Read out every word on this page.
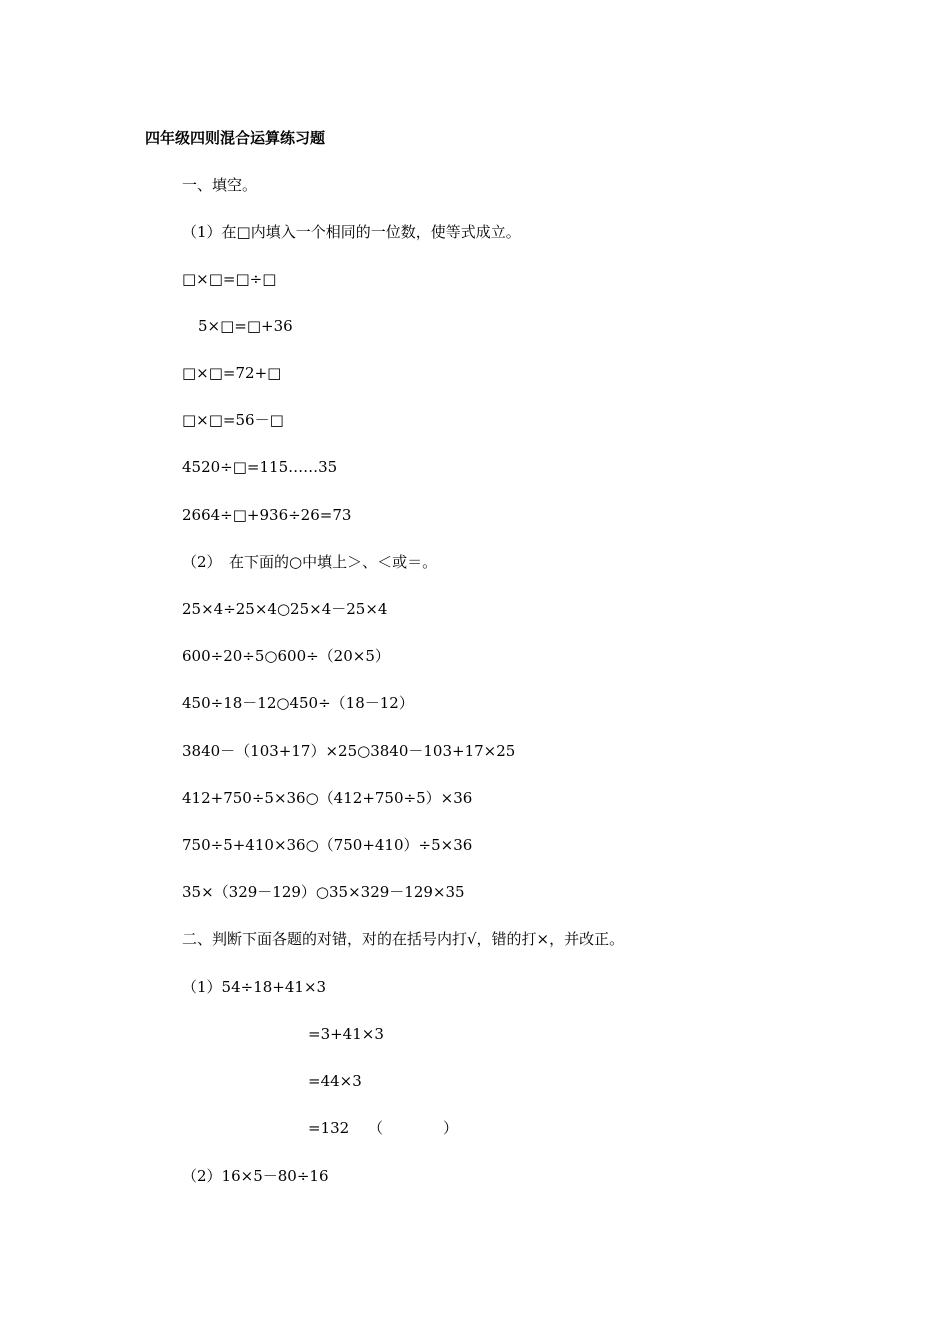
四年级四则混合运算练习题
一、填空。
（1）在□内填入一个相同的一位数，使等式成立。
□×□=□÷□
5×□=□+36
□×□=72+□
□×□=56－□
4520÷□=115……35
2664÷□+936÷26=73
（2）　在下面的○中填上＞、＜或＝。
25×4÷25×4○25×4－25×4
600÷20÷5○600÷（20×5）
450÷18－12○450÷（18－12）
3840－（103+17）×25○3840－103+17×25
412+750÷5×36○（412+750÷5）×36
750÷5+410×36○（750+410）÷5×36
35×（329－129）○35×329－129×35
二、判断下面各题的对错，对的在括号内打√，错的打×，并改正。
（1）54÷18+41×3
=3+41×3
=44×3
=132 （　　　　）
（2）16×5－80÷16
